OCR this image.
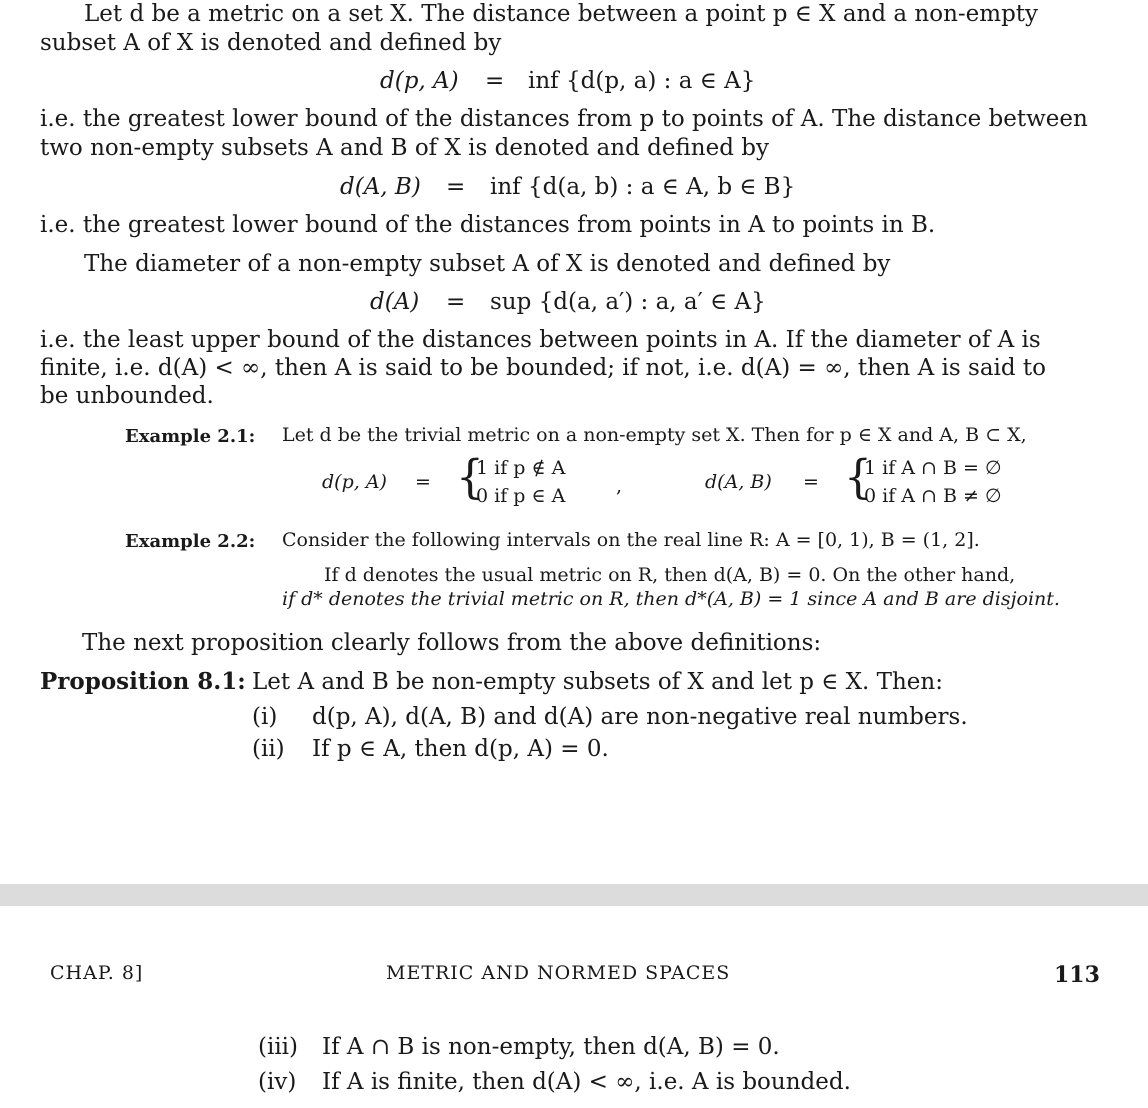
Let d be a metric on a set X. The distance between a point p ∈ X and a non-empty
subset A of X is denoted and defined by
d(p, A) = inf {d(p, a) : a ∈ A}
i.e. the greatest lower bound of the distances from p to points of A. The distance between
two non-empty subsets A and B of X is denoted and defined by
d(A, B) = inf {d(a, b) : a ∈ A, b ∈ B}
i.e. the greatest lower bound of the distances from points in A to points in B.
The diameter of a non-empty subset A of X is denoted and defined by
d(A) = sup {d(a, a′) : a, a′ ∈ A}
i.e. the least upper bound of the distances between points in A. If the diameter of A is
finite, i.e. d(A) < ∞, then A is said to be bounded; if not, i.e. d(A) = ∞, then A is said to
be unbounded.
Example 2.1: Let d be the trivial metric on a non-empty set X. Then for p ∈ X and A, B ⊂ X,
d(p, A) = {
1 if p ∉ A
0 if p ∈ A	,	d(A, B) = {
1 if A ∩ B = ∅
0 if A ∩ B ≠ ∅
Example 2.2: Consider the following intervals on the real line R: A = [0, 1), B = (1, 2].
If d denotes the usual metric on R, then d(A, B) = 0. On the other hand,
if d* denotes the trivial metric on R, then d*(A, B) = 1 since A and B are disjoint.
The next proposition clearly follows from the above definitions:
Proposition 8.1: Let A and B be non-empty subsets of X and let p ∈ X. Then:
(i) d(p, A), d(A, B) and d(A) are non-negative real numbers.
(ii) If p ∈ A, then d(p, A) = 0.
CHAP. 8]	METRIC AND NORMED SPACES	113
(iii) If A ∩ B is non-empty, then d(A, B) = 0.
(iv) If A is finite, then d(A) < ∞, i.e. A is bounded.
